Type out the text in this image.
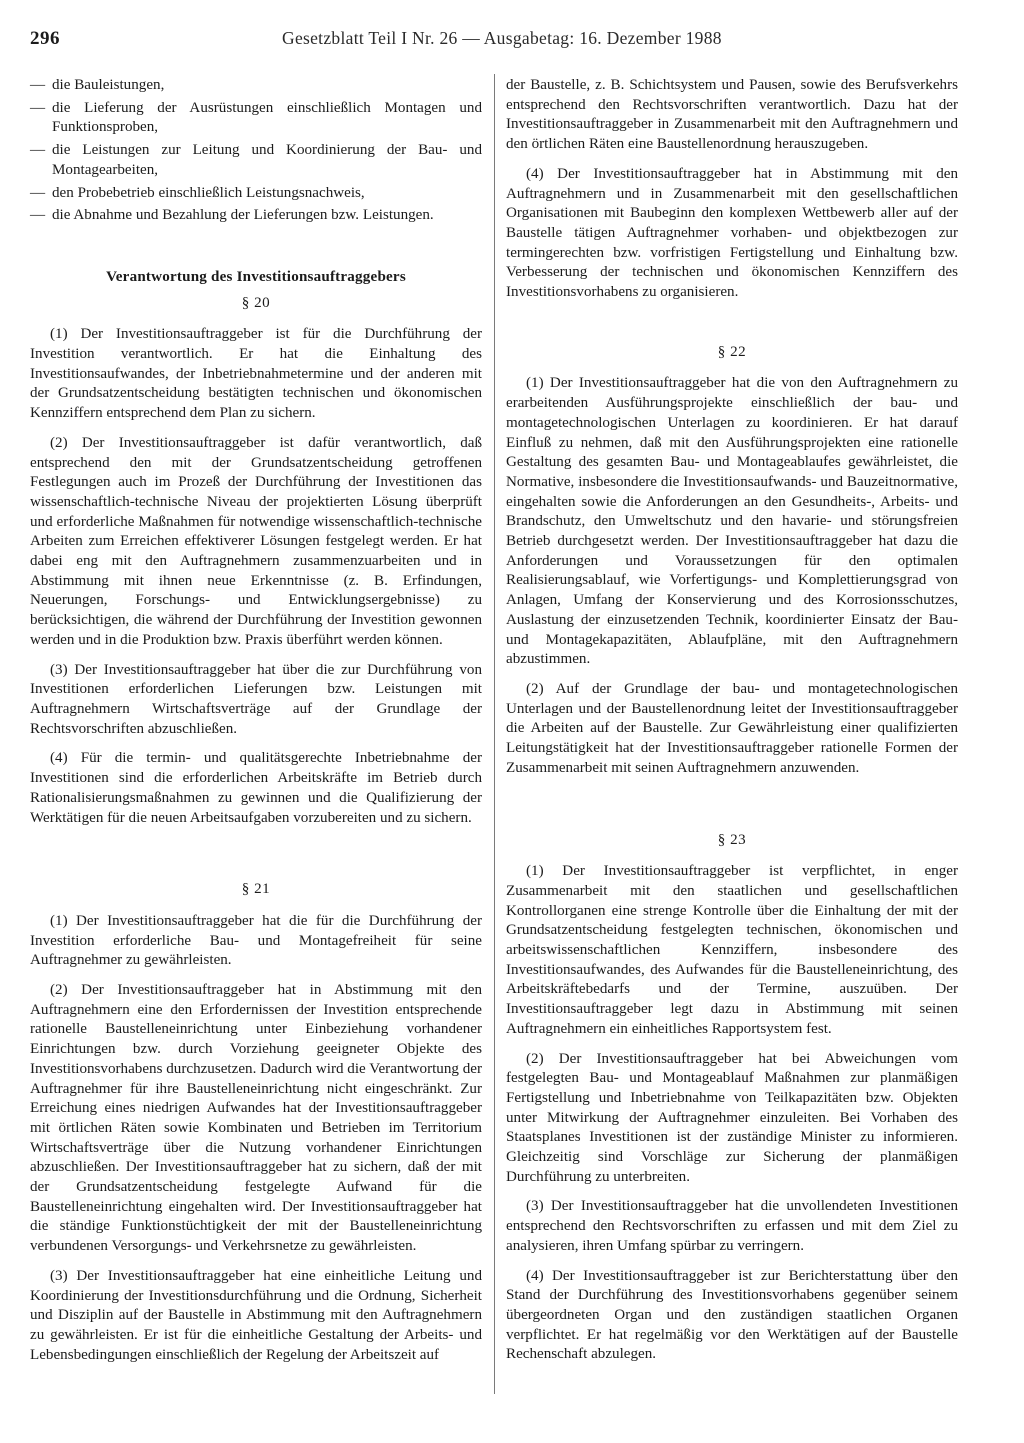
296	Gesetzblatt Teil I Nr. 26 — Ausgabetag: 16. Dezember 1988
— die Bauleistungen,
— die Lieferung der Ausrüstungen einschließlich Montagen und Funktionsproben,
— die Leistungen zur Leitung und Koordinierung der Bau- und Montagearbeiten,
— den Probebetrieb einschließlich Leistungsnachweis,
— die Abnahme und Bezahlung der Lieferungen bzw. Leistungen.
Verantwortung des Investitionsauftraggebers
§ 20

(1) Der Investitionsauftraggeber ist für die Durchführung der Investition verantwortlich. Er hat die Einhaltung des Investitionsaufwandes, der Inbetriebnahmetermine und der anderen mit der Grundsatzentscheidung bestätigten technischen und ökonomischen Kennziffern entsprechend dem Plan zu sichern.

(2) Der Investitionsauftraggeber ist dafür verantwortlich, daß entsprechend den mit der Grundsatzentscheidung getroffenen Festlegungen auch im Prozeß der Durchführung der Investitionen das wissenschaftlich-technische Niveau der projektierten Lösung überprüft und erforderliche Maßnahmen für notwendige wissenschaftlich-technische Arbeiten zum Erreichen effektiverer Lösungen festgelegt werden. Er hat dabei eng mit den Auftragnehmern zusammenzuarbeiten und in Abstimmung mit ihnen neue Erkenntnisse (z. B. Erfindungen, Neuerungen, Forschungs- und Entwicklungsergebnisse) zu berücksichtigen, die während der Durchführung der Investition gewonnen werden und in die Produktion bzw. Praxis überführt werden können.

(3) Der Investitionsauftraggeber hat über die zur Durchführung von Investitionen erforderlichen Lieferungen bzw. Leistungen mit Auftragnehmern Wirtschaftsverträge auf der Grundlage der Rechtsvorschriften abzuschließen.

(4) Für die termin- und qualitätsgerechte Inbetriebnahme der Investitionen sind die erforderlichen Arbeitskräfte im Betrieb durch Rationalisierungsmaßnahmen zu gewinnen und die Qualifizierung der Werktätigen für die neuen Arbeitsaufgaben vorzubereiten und zu sichern.

§ 21

(1) Der Investitionsauftraggeber hat die für die Durchführung der Investition erforderliche Bau- und Montagefreiheit für seine Auftragnehmer zu gewährleisten.

(2) Der Investitionsauftraggeber hat in Abstimmung mit den Auftragnehmern eine den Erfordernissen der Investition entsprechende rationelle Baustelleneinrichtung unter Einbeziehung vorhandener Einrichtungen bzw. durch Vorziehung geeigneter Objekte des Investitionsvorhabens durchzusetzen. Dadurch wird die Verantwortung der Auftragnehmer für ihre Baustelleneinrichtung nicht eingeschränkt. Zur Erreichung eines niedrigen Aufwandes hat der Investitionsauftraggeber mit örtlichen Räten sowie Kombinaten und Betrieben im Territorium Wirtschaftsverträge über die Nutzung vorhandener Einrichtungen abzuschließen. Der Investitionsauftraggeber hat zu sichern, daß der mit der Grundsatzentscheidung festgelegte Aufwand für die Baustelleneinrichtung eingehalten wird. Der Investitionsauftraggeber hat die ständige Funktionstüchtigkeit der mit der Baustelleneinrichtung verbundenen Versorgungs- und Verkehrsnetze zu gewährleisten.

(3) Der Investitionsauftraggeber hat eine einheitliche Leitung und Koordinierung der Investitionsdurchführung und die Ordnung, Sicherheit und Disziplin auf der Baustelle in Abstimmung mit den Auftragnehmern zu gewährleisten. Er ist für die einheitliche Gestaltung der Arbeits- und Lebensbedingungen einschließlich der Regelung der Arbeitszeit auf

der Baustelle, z. B. Schichtsystem und Pausen, sowie des Berufsverkehrs entsprechend den Rechtsvorschriften verantwortlich. Dazu hat der Investitionsauftraggeber in Zusammenarbeit mit den Auftragnehmern und den örtlichen Räten eine Baustellenordnung herauszugeben.

(4) Der Investitionsauftraggeber hat in Abstimmung mit den Auftragnehmern und in Zusammenarbeit mit den gesellschaftlichen Organisationen mit Baubeginn den komplexen Wettbewerb aller auf der Baustelle tätigen Auftragnehmer vorhaben- und objektbezogen zur termingerechten bzw. vorfristigen Fertigstellung und Einhaltung bzw. Verbesserung der technischen und ökonomischen Kennziffern des Investitionsvorhabens zu organisieren.

§ 22

(1) Der Investitionsauftraggeber hat die von den Auftragnehmern zu erarbeitenden Ausführungsprojekte einschließlich der bau- und montagetechnologischen Unterlagen zu koordinieren. Er hat darauf Einfluß zu nehmen, daß mit den Ausführungsprojekten eine rationelle Gestaltung des gesamten Bau- und Montageablaufes gewährleistet, die Normative, insbesondere die Investitionsaufwands- und Bauzeitnormative, eingehalten sowie die Anforderungen an den Gesundheits-, Arbeits- und Brandschutz, den Umweltschutz und den havarie- und störungsfreien Betrieb durchgesetzt werden. Der Investitionsauftraggeber hat dazu die Anforderungen und Voraussetzungen für den optimalen Realisierungsablauf, wie Vorfertigungs- und Komplettierungsgrad von Anlagen, Umfang der Konservierung und des Korrosionsschutzes, Auslastung der einzusetzenden Technik, koordinierter Einsatz der Bau- und Montagekapazitäten, Ablaufpläne, mit den Auftragnehmern abzustimmen.

(2) Auf der Grundlage der bau- und montagetechnologischen Unterlagen und der Baustellenordnung leitet der Investitionsauftraggeber die Arbeiten auf der Baustelle. Zur Gewährleistung einer qualifizierten Leitungstätigkeit hat der Investitionsauftraggeber rationelle Formen der Zusammenarbeit mit seinen Auftragnehmern anzuwenden.

§ 23

(1) Der Investitionsauftraggeber ist verpflichtet, in enger Zusammenarbeit mit den staatlichen und gesellschaftlichen Kontrollorganen eine strenge Kontrolle über die Einhaltung der mit der Grundsatzentscheidung festgelegten technischen, ökonomischen und arbeitswissenschaftlichen Kennziffern, insbesondere des Investitionsaufwandes, des Aufwandes für die Baustelleneinrichtung, des Arbeitskräftebedarfs und der Termine, auszuüben. Der Investitionsauftraggeber legt dazu in Abstimmung mit seinen Auftragnehmern ein einheitliches Rapportsystem fest.

(2) Der Investitionsauftraggeber hat bei Abweichungen vom festgelegten Bau- und Montageablauf Maßnahmen zur planmäßigen Fertigstellung und Inbetriebnahme von Teilkapazitäten bzw. Objekten unter Mitwirkung der Auftragnehmer einzuleiten. Bei Vorhaben des Staatsplanes Investitionen ist der zuständige Minister zu informieren. Gleichzeitig sind Vorschläge zur Sicherung der planmäßigen Durchführung zu unterbreiten.

(3) Der Investitionsauftraggeber hat die unvollendeten Investitionen entsprechend den Rechtsvorschriften zu erfassen und mit dem Ziel zu analysieren, ihren Umfang spürbar zu verringern.

(4) Der Investitionsauftraggeber ist zur Berichterstattung über den Stand der Durchführung des Investitionsvorhabens gegenüber seinem übergeordneten Organ und den zuständigen staatlichen Organen verpflichtet. Er hat regelmäßig vor den Werktätigen auf der Baustelle Rechenschaft abzulegen.
